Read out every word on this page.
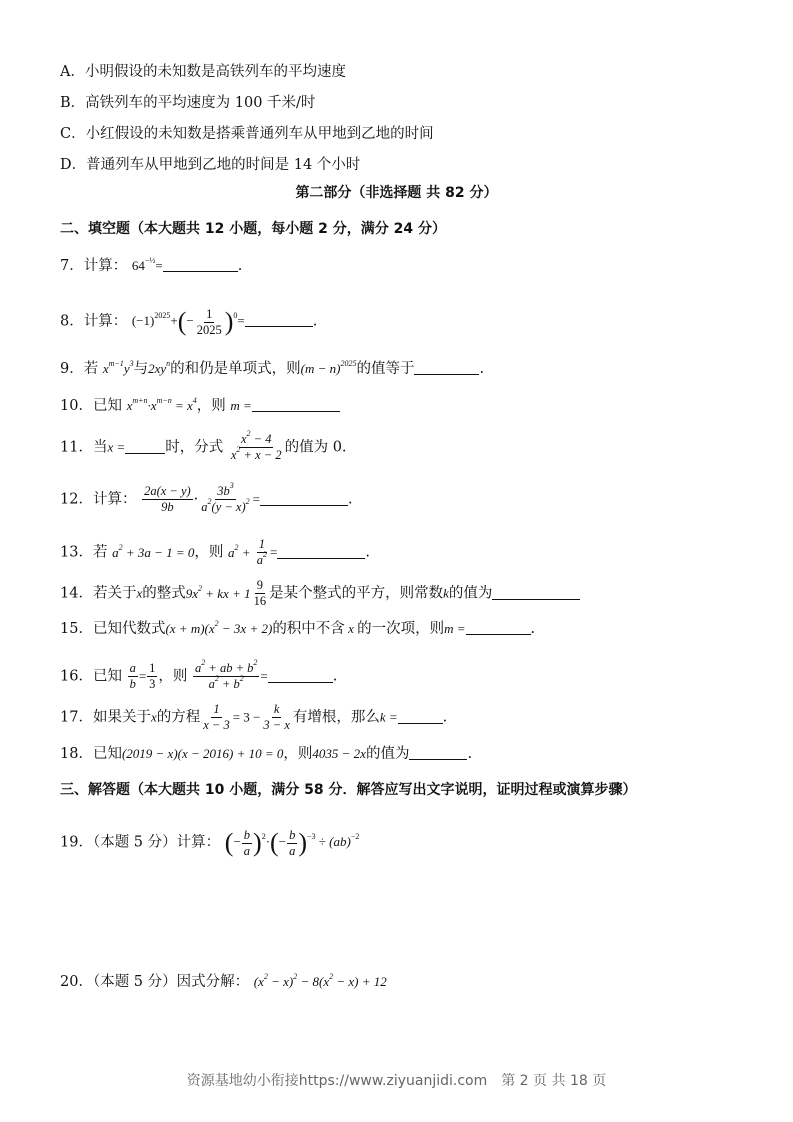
A．小明假设的未知数是高铁列车的平均速度
B．高铁列车的平均速度为 100 千米/时
C．小红假设的未知数是搭乘普通列车从甲地到乙地的时间
D．普通列车从甲地到乙地的时间是 14 个小时
第二部分（非选择题 共 82 分）
二、填空题（本大题共 12 小题，每小题 2 分，满分 24 分）
7．计算： $64^{-\frac{1}{2}}=$	.
8．计算： $(-1)^{2025}+(- \frac{1}{2025} )^0=$	.
9．若 $x^{m-1}y^3$与$2xy^n$的和仍是单项式，则$(m - n)^{2025}$的值等于	.
10．已知 $x^{m+n}\cdot x^{m-n} = x^4$，则 m =
11．当x =	时，分式 $\frac{x^2 - 4}{x^2 + x - 2}$ 的值为 0.
12．计算： $\frac{2a(x - y)}{9b} \cdot \frac{3b^3}{a^2(y - x)^2}$ =	.
13．若 $a^2 + 3a - 1 = 0$，则 $a^2 + \frac{1}{a^2}$ =	.
14．若关于x的整式$9x^2$ + kx + $1 \frac{9}{16}$ 是某个整式的平方，则常数k的值为
15．已知代数式$(x + m)(x^2 - 3x + 2)$的积中不含 x 的一次项，则m =	.
16．已知 $\frac{a}{b} = \frac{1}{3}$ ，则 $\frac{a^2 + ab + b^2}{a^2 + b^2}$ =	.
17．如果关于x的方程 $\frac{1}{x - 3} = 3 - \frac{k}{3 - x}$ 有增根，那么k =	.
18．已知(2019 − x)(x − 2016) + 10 = 0，则4035 − 2x的值为	.
三、解答题（本大题共 10 小题，满分 58 分．解答应写出文字说明，证明过程或演算步骤）
19．（本题 5 分）计算： (− $\frac{b}{a} )^2\cdot(- \frac{b}{a} )^{-3} \div (ab)^{-2}$
20．（本题 5 分）因式分解： $(x^2 - x)^2 - 8(x^2 - x) + 12$
资源基地幼小衔接https://www.ziyuanjidi.com　第 2 页 共 18 页
